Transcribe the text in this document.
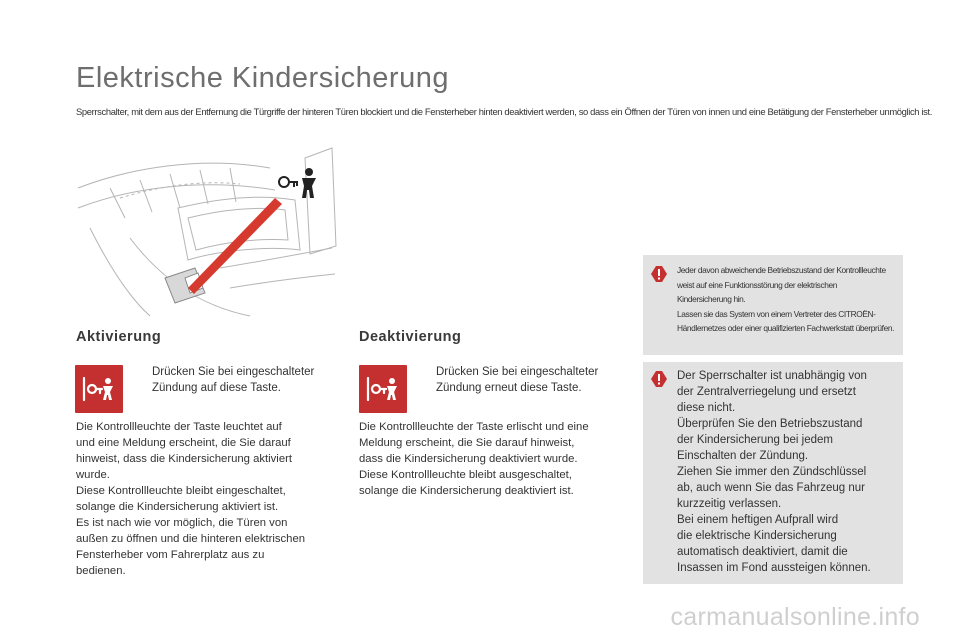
Elektrische Kindersicherung
Sperrschalter, mit dem aus der Entfernung die Türgriffe der hinteren Türen blockiert und die Fensterheber hinten deaktiviert werden, so dass ein Öffnen der Türen von innen und eine Betätigung der Fensterheber unmöglich ist.
Aktivierung
Drücken Sie bei eingeschalteter
Zündung auf diese Taste.
Die Kontrollleuchte der Taste leuchtet auf
und eine Meldung erscheint, die Sie darauf
hinweist, dass die Kindersicherung aktiviert
wurde.
Diese Kontrollleuchte bleibt eingeschaltet,
solange die Kindersicherung aktiviert ist.
Es ist nach wie vor möglich, die Türen von
außen zu öffnen und die hinteren elektrischen
Fensterheber vom Fahrerplatz aus zu
bedienen.
Deaktivierung
Drücken Sie bei eingeschalteter
Zündung erneut diese Taste.
Die Kontrollleuchte der Taste erlischt und eine
Meldung erscheint, die Sie darauf hinweist,
dass die Kindersicherung deaktiviert wurde.
Diese Kontrollleuchte bleibt ausgeschaltet,
solange die Kindersicherung deaktiviert ist.
Jeder davon abweichende Betriebszustand der Kontrollleuchte
weist auf eine Funktionsstörung der elektrischen
Kindersicherung hin.
Lassen sie das System von einem Vertreter des CITROËN-
Händlernetzes oder einer qualifizierten Fachwerkstatt überprüfen.
Der Sperrschalter ist unabhängig von
der Zentralverriegelung und ersetzt
diese nicht.
Überprüfen Sie den Betriebszustand
der Kindersicherung bei jedem
Einschalten der Zündung.
Ziehen Sie immer den Zündschlüssel
ab, auch wenn Sie das Fahrzeug nur
kurzzeitig verlassen.
Bei einem heftigen Aufprall wird
die elektrische Kindersicherung
automatisch deaktiviert, damit die
Insassen im Fond aussteigen können.
carmanualsonline.info
